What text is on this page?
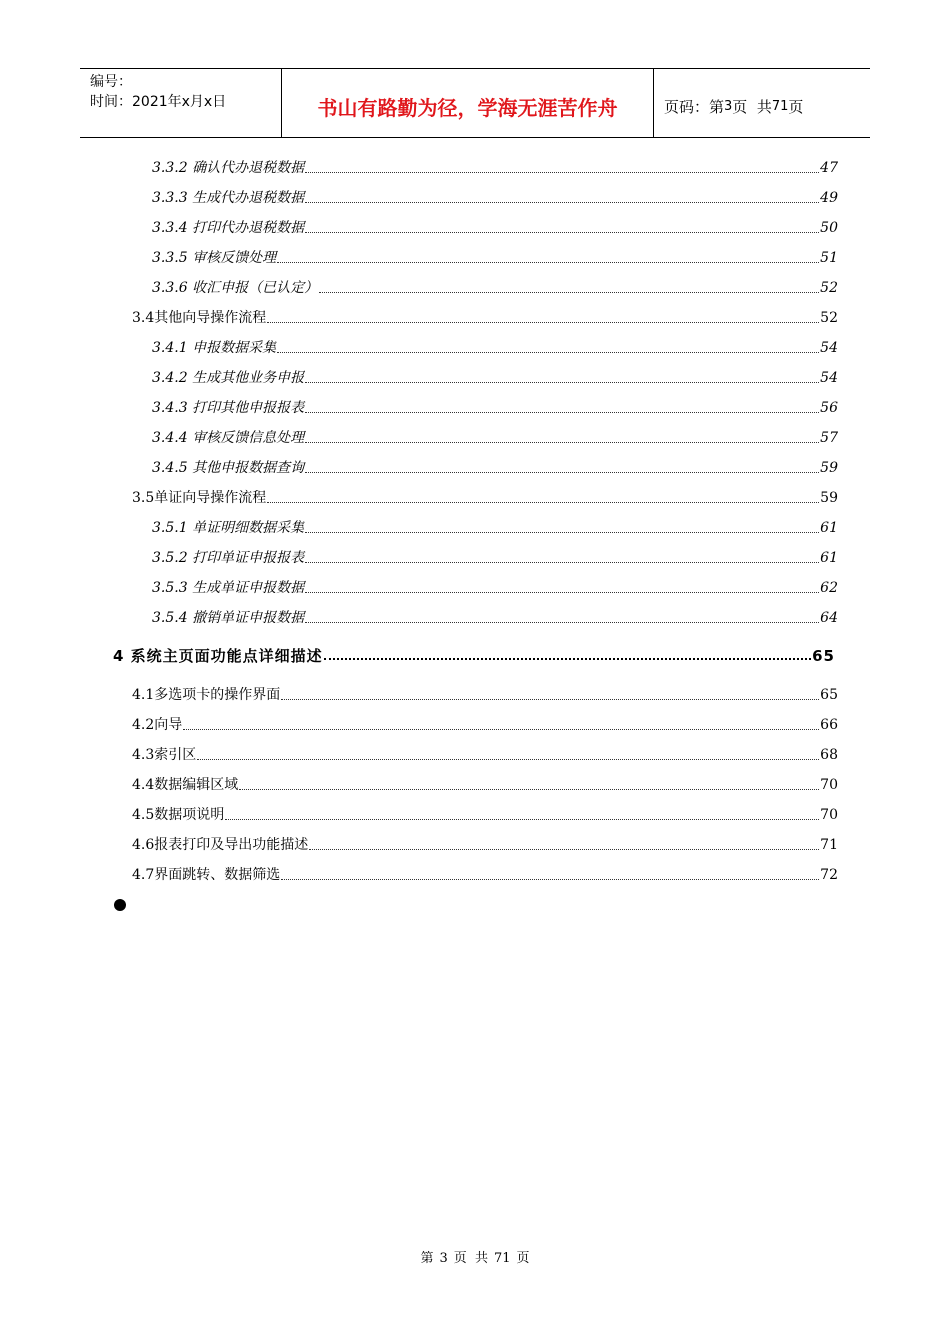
编号：
时间：2021年x月x日	书山有路勤为径，学海无涯苦作舟	页码：第 3 页  共 71 页
3.3.2 确认代办退税数据	47
3.3.3 生成代办退税数据	49
3.3.4 打印代办退税数据	50
3.3.5 审核反馈处理	51
3.3.6 收汇申报（已认定）	52
3.4其他向导操作流程	52
3.4.1 申报数据采集	54
3.4.2 生成其他业务申报	54
3.4.3 打印其他申报报表	56
3.4.4 审核反馈信息处理	57
3.4.5 其他申报数据查询	59
3.5单证向导操作流程	59
3.5.1 单证明细数据采集	61
3.5.2 打印单证申报报表	61
3.5.3 生成单证申报数据	62
3.5.4 撤销单证申报数据	64
4 系统主页面功能点详细描述	65
4.1多选项卡的操作界面	65
4.2向导	66
4.3索引区	68
4.4数据编辑区域	70
4.5数据项说明	70
4.6报表打印及导出功能描述	71
4.7界面跳转、数据筛选	72
第 3 页  共 71 页
